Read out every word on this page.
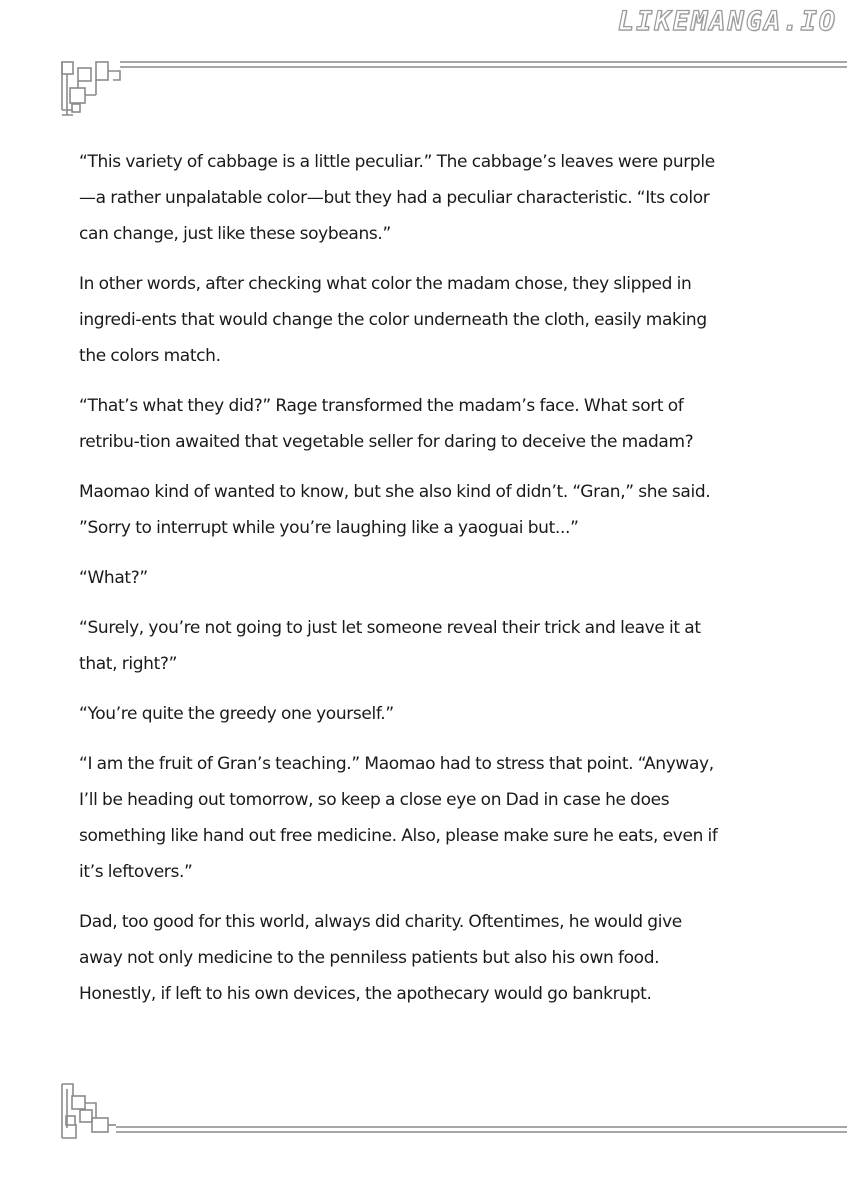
LIKEMANGA.IO

“This variety of cabbage is a little peculiar.” The cabbage’s leaves were purple—a rather unpalatable color—but they had a peculiar characteristic. “Its color can change, just like these soybeans.”

In other words, after checking what color the madam chose, they slipped in ingredi-ents that would change the color underneath the cloth, easily making the colors match.

“That’s what they did?” Rage transformed the madam’s face. What sort of retribu-tion awaited that vegetable seller for daring to deceive the madam?

Maomao kind of wanted to know, but she also kind of didn’t. “Gran,” she said. ”Sorry to interrupt while you’re laughing like a yaoguai but...”

“What?”

“Surely, you’re not going to just let someone reveal their trick and leave it at that, right?”

“You’re quite the greedy one yourself.”

“I am the fruit of Gran’s teaching.” Maomao had to stress that point. “Anyway, I’ll be heading out tomorrow, so keep a close eye on Dad in case he does something like hand out free medicine. Also, please make sure he eats, even if it’s leftovers.”

Dad, too good for this world, always did charity. Oftentimes, he would give away not only medicine to the penniless patients but also his own food. Honestly, if left to his own devices, the apothecary would go bankrupt.
